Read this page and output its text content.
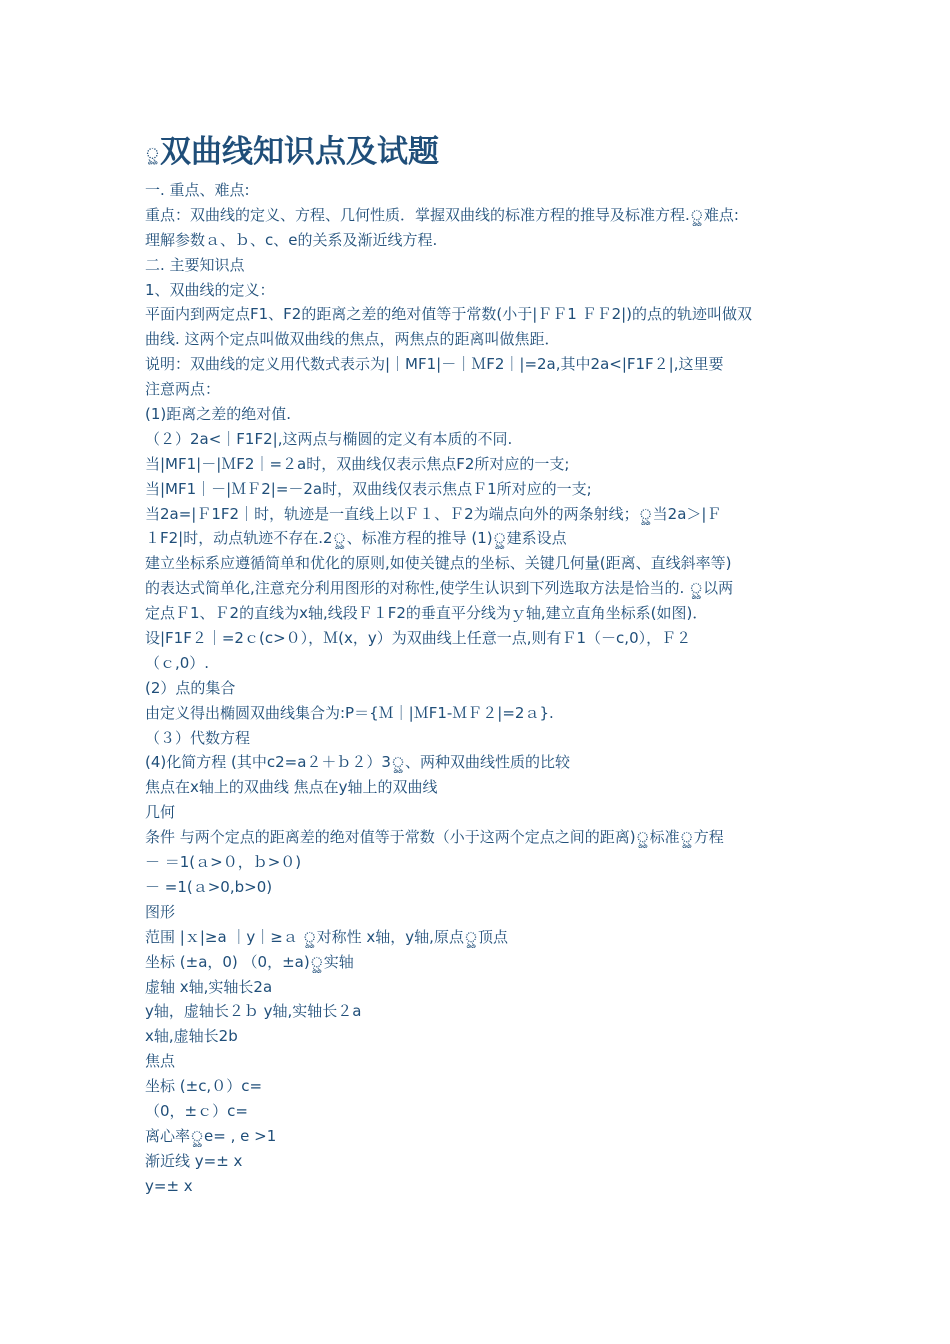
ৣ双曲线知识点及试题
一. 重点、难点:
重点：双曲线的定义、方程、几何性质．掌握双曲线的标准方程的推导及标准方程.ৣ难点:
理解参数ａ、ｂ、c、e的关系及渐近线方程.
二. 主要知识点
1、双曲线的定义：
平面内到两定点F1、F2的距离之差的绝对值等于常数(小于|ＦＦ1 ＦＦ2|)的点的轨迹叫做双
曲线. 这两个定点叫做双曲线的焦点，两焦点的距离叫做焦距．
说明：双曲线的定义用代数式表示为|｜MF1|－｜ＭF2｜|=2a,其中2a<|F1F２|,这里要
注意两点：
(1)距离之差的绝对值.
（２）2a<｜F1F2|,这两点与椭圆的定义有本质的不同.
当|MF1|－|ＭF2｜=２a时，双曲线仅表示焦点F2所对应的一支;
当|MF1｜－|ＭＦ2|=－2a时，双曲线仅表示焦点Ｆ1所对应的一支;
当2a=|Ｆ1F2｜时，轨迹是一直线上以Ｆ１、Ｆ2为端点向外的两条射线；ৣ当2a＞|Ｆ
１F2|时，动点轨迹不存在.2ৣ、标准方程的推导 (1)ৣ建系设点
建立坐标系应遵循简单和优化的原则,如使关键点的坐标、关键几何量(距离、直线斜率等)
的表达式简单化,注意充分利用图形的对称性,使学生认识到下列选取方法是恰当的. ৣ以两
定点Ｆ1、Ｆ2的直线为x轴,线段Ｆ１F2的垂直平分线为ｙ轴,建立直角坐标系(如图)．
设|F1F２｜=2ｃ(c>０），Ｍ(x，y）为双曲线上任意一点,则有Ｆ1（－c,0），Ｆ２
（ｃ,0）.
(2）点的集合
由定义得出椭圆双曲线集合为:P＝{Ｍ｜|ＭF1-ＭＦ２|=2ａ}.
（３）代数方程
(4)化简方程 (其中c2=a２＋ｂ２）3ৣ、两种双曲线性质的比较
焦点在x轴上的双曲线 焦点在y轴上的双曲线
几何
条件 与两个定点的距离差的绝对值等于常数（小于这两个定点之间的距离)ৣ标准ৣ方程
－ ＝1(ａ>０，ｂ>０)
－ =1(ａ>0,b>0)
图形
范围 |ｘ|≥a ｜y｜≥ａ ৣ对称性 x轴，y轴,原点ৣ顶点
坐标 (±a，0) （0，±a)ৣ实轴
虚轴 x轴,实轴长2a
y轴，虚轴长２ｂ y轴,实轴长２a
x轴,虚轴长2b
焦点
坐标 (±c,０）c=
（0，±ｃ）c=
离心率ৣe= , e >1
渐近线 y=± x
y=± x
